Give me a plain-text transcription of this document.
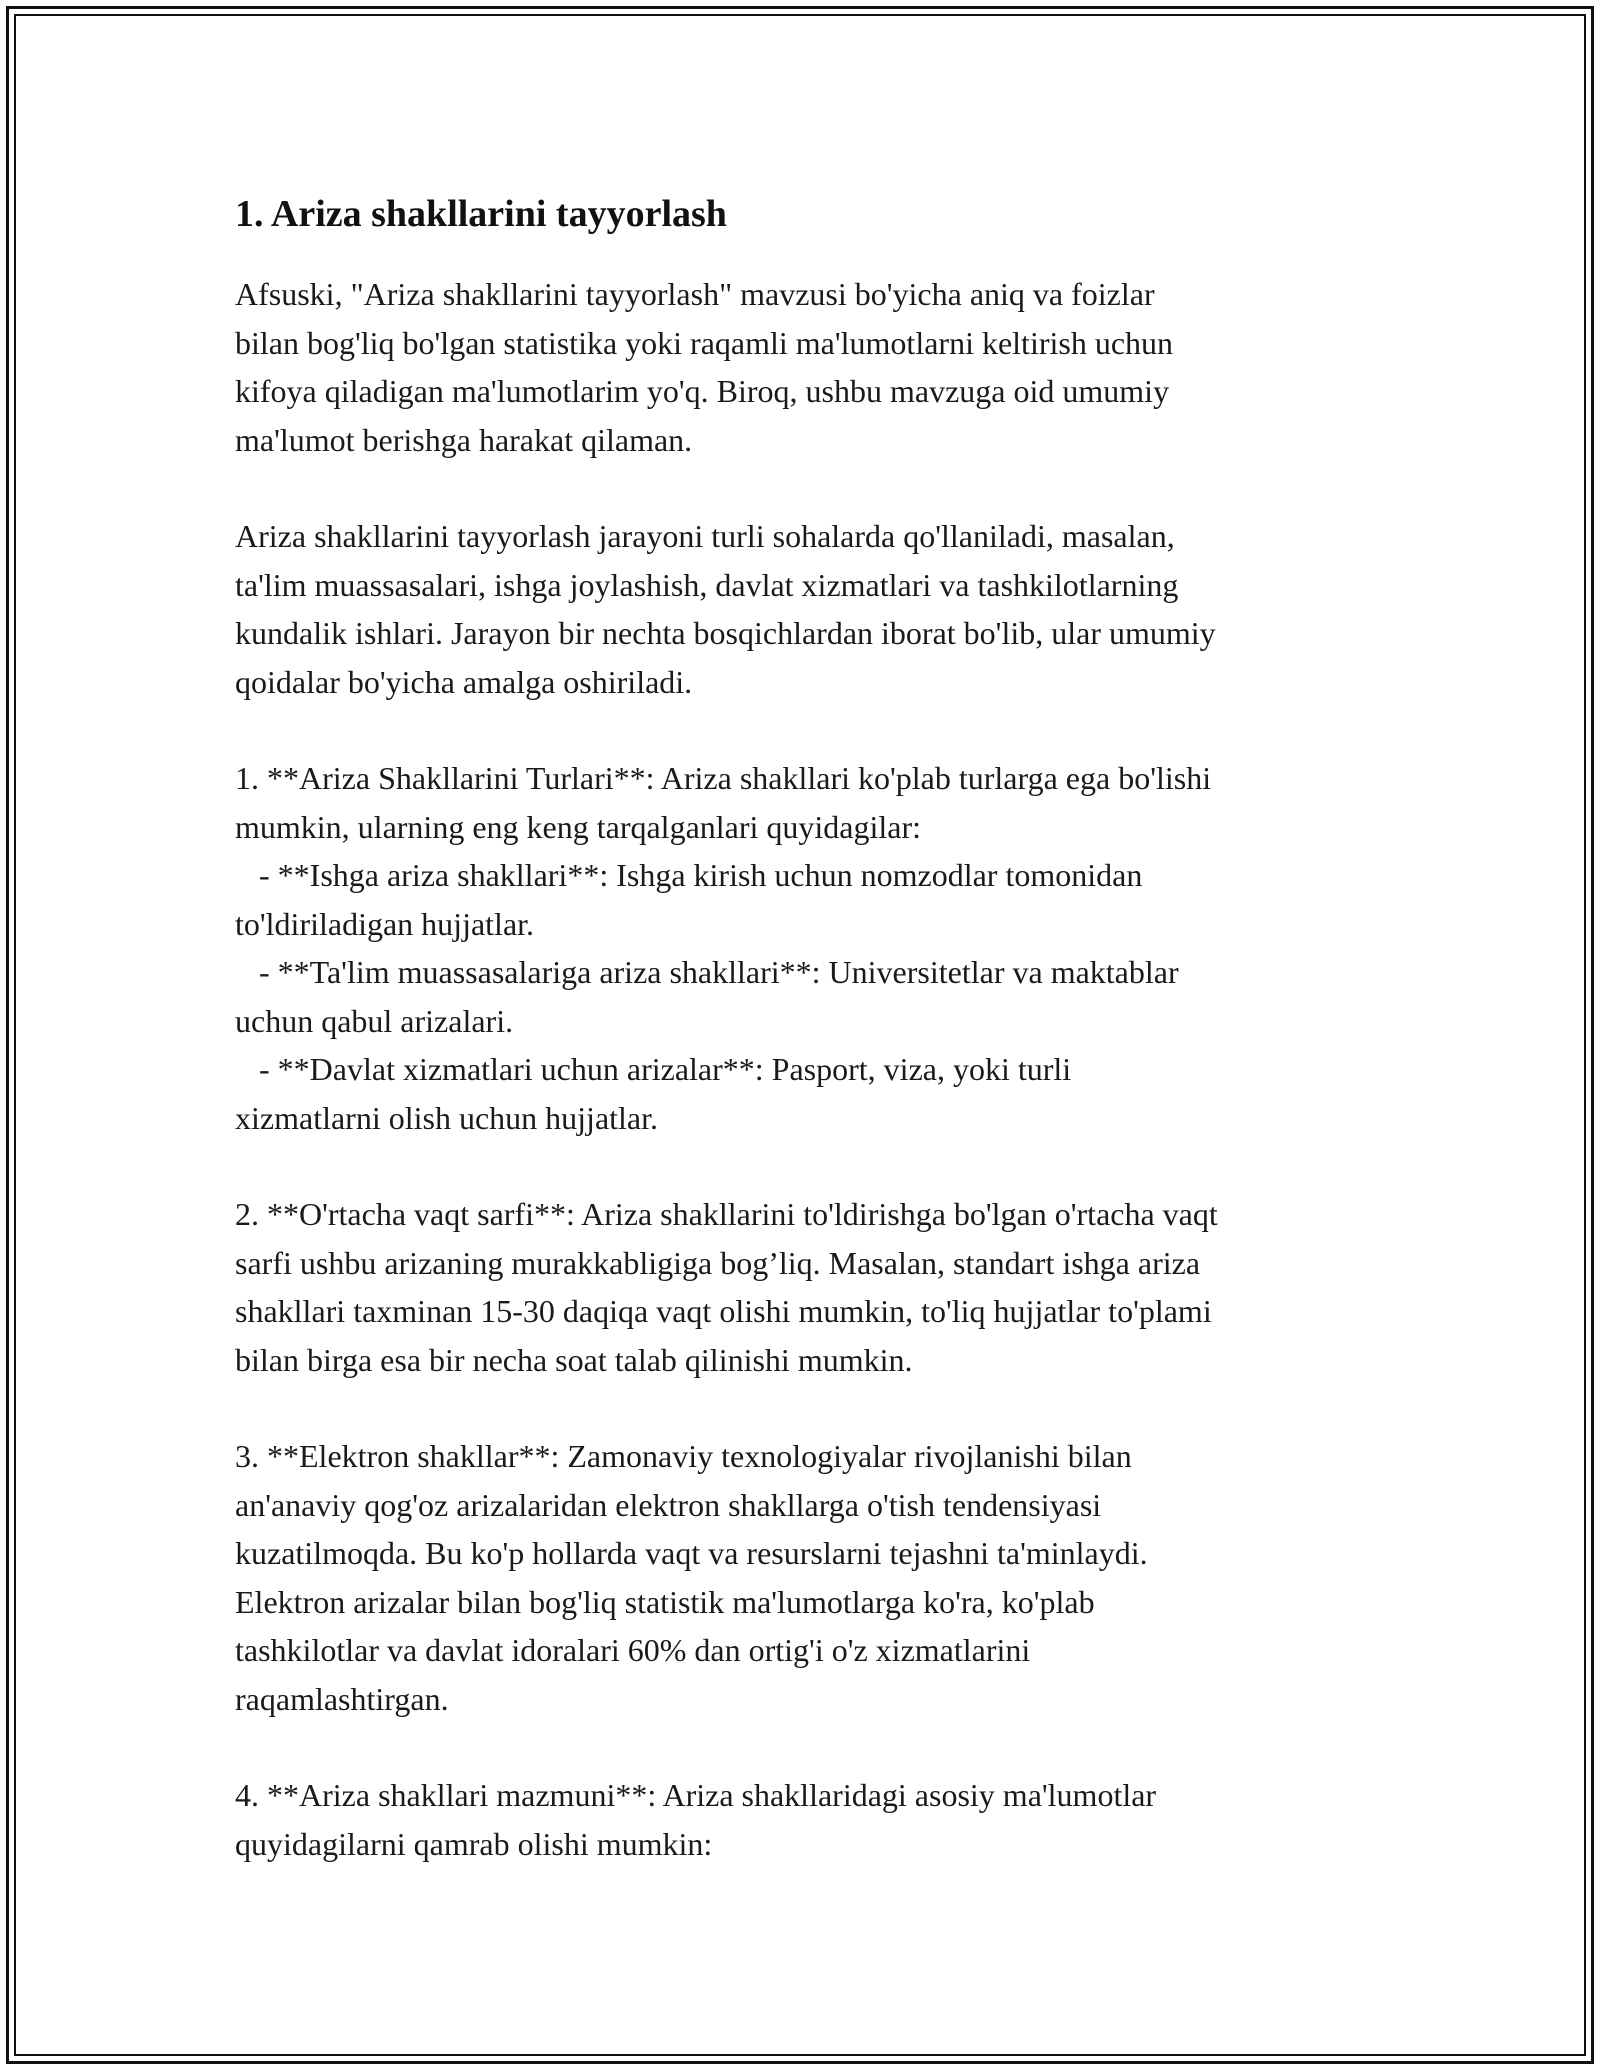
1. Ariza shakllarini tayyorlash
Afsuski, "Ariza shakllarini tayyorlash" mavzusi bo'yicha aniq va foizlar
bilan bog'liq bo'lgan statistika yoki raqamli ma'lumotlarni keltirish uchun
kifoya qiladigan ma'lumotlarim yo'q. Biroq, ushbu mavzuga oid umumiy
ma'lumot berishga harakat qilaman.
Ariza shakllarini tayyorlash jarayoni turli sohalarda qo'llaniladi, masalan,
ta'lim muassasalari, ishga joylashish, davlat xizmatlari va tashkilotlarning
kundalik ishlari. Jarayon bir nechta bosqichlardan iborat bo'lib, ular umumiy
qoidalar bo'yicha amalga oshiriladi.
1. **Ariza Shakllarini Turlari**: Ariza shakllari ko'plab turlarga ega bo'lishi
mumkin, ularning eng keng tarqalganlari quyidagilar:
- **Ishga ariza shakllari**: Ishga kirish uchun nomzodlar tomonidan
to'ldiriladigan hujjatlar.
- **Ta'lim muassasalariga ariza shakllari**: Universitetlar va maktablar
uchun qabul arizalari.
- **Davlat xizmatlari uchun arizalar**: Pasport, viza, yoki turli
xizmatlarni olish uchun hujjatlar.
2. **O'rtacha vaqt sarfi**: Ariza shakllarini to'ldirishga bo'lgan o'rtacha vaqt
sarfi ushbu arizaning murakkabligiga bog’liq. Masalan, standart ishga ariza
shakllari taxminan 15-30 daqiqa vaqt olishi mumkin, to'liq hujjatlar to'plami
bilan birga esa bir necha soat talab qilinishi mumkin.
3. **Elektron shakllar**: Zamonaviy texnologiyalar rivojlanishi bilan
an'anaviy qog'oz arizalaridan elektron shakllarga o'tish tendensiyasi
kuzatilmoqda. Bu ko'p hollarda vaqt va resurslarni tejashni ta'minlaydi.
Elektron arizalar bilan bog'liq statistik ma'lumotlarga ko'ra, ko'plab
tashkilotlar va davlat idoralari 60% dan ortig'i o'z xizmatlarini
raqamlashtirgan.
4. **Ariza shakllari mazmuni**: Ariza shakllaridagi asosiy ma'lumotlar
quyidagilarni qamrab olishi mumkin:
